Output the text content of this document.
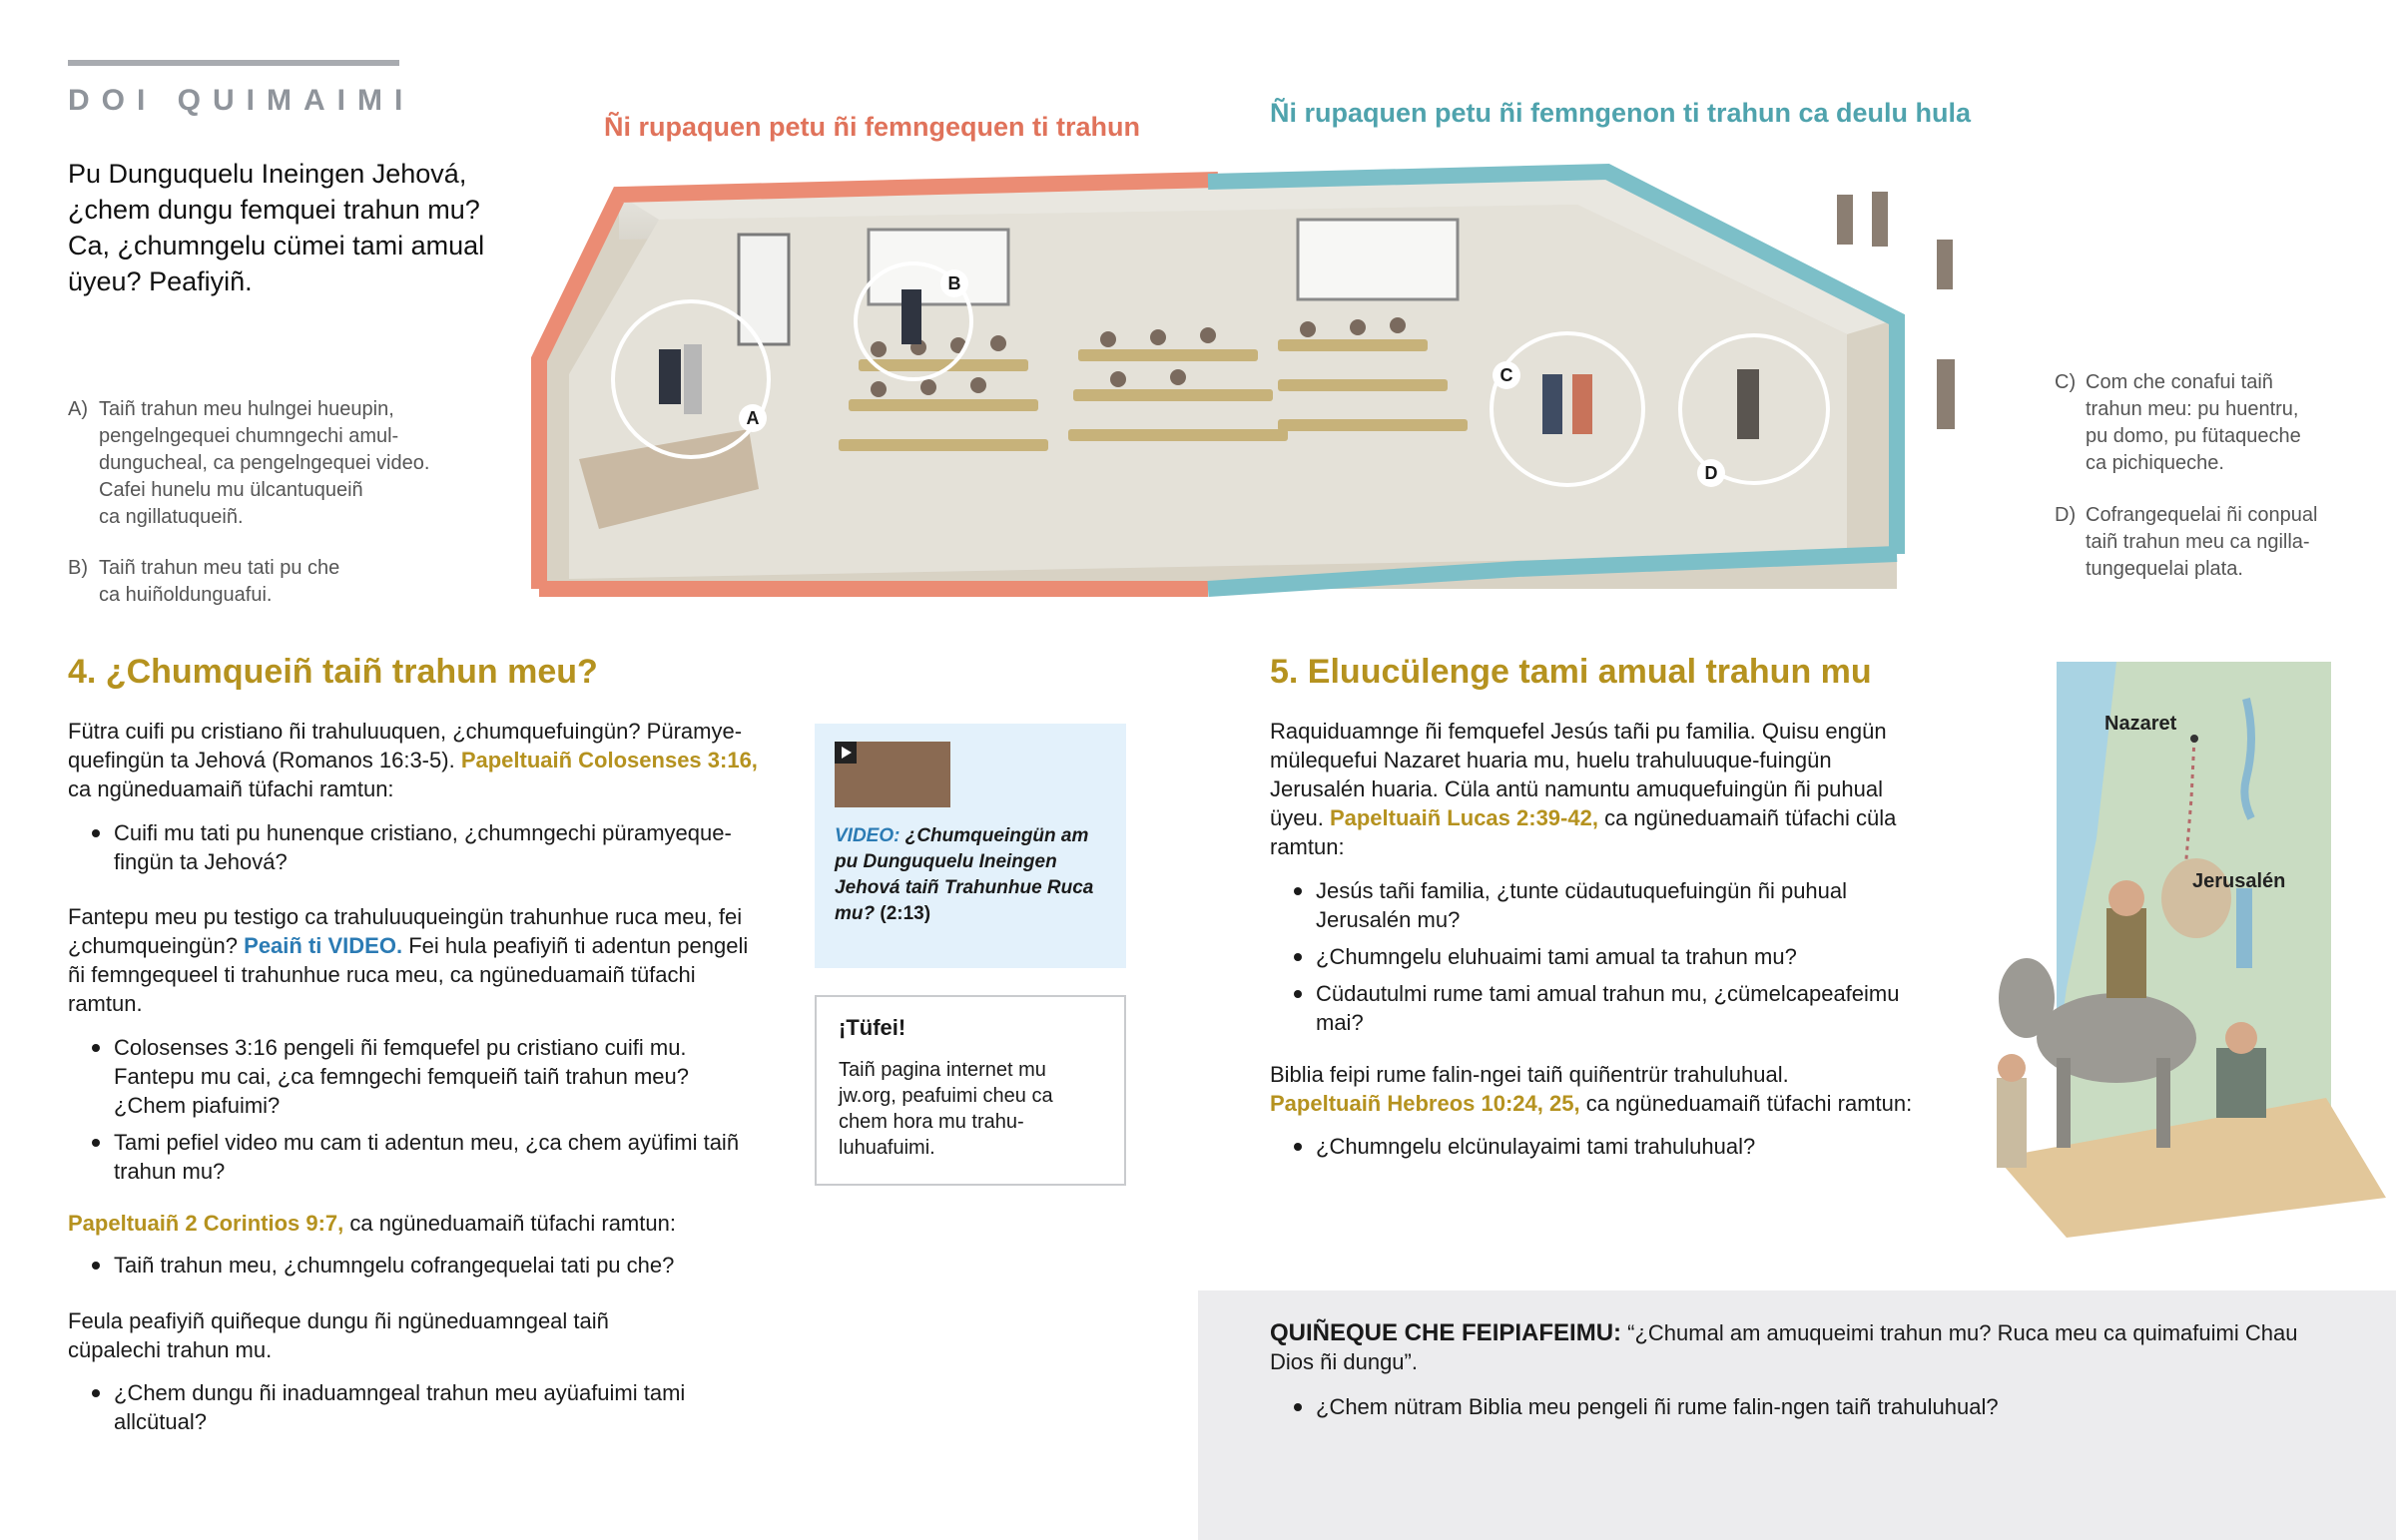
DOI QUIMAIMI
Pu Dunguquelu Ineingen Jehová, ¿chem dungu femquei trahun mu? Ca, ¿chumngelu cümei tami amual üyeu? Peafiyiñ.
A) Taiñ trahun meu hulngei hueupin,
pengelngequei chumngechi amul-
dungucheal, ca pengelngequei video.
Cafei hunelu mu ülcantuqueiñ
ca ngillatuqueiñ.
B) Taiñ trahun meu tati pu che
ca huiñoldunguafui.
Ñi rupaquen petu ñi femngequen ti trahun	Ñi rupaquen petu ñi femngenon ti trahun ca deulu hula
A
B
C
D
C) Com che conafui taiñ
trahun meu: pu huentru,
pu domo, pu fütaqueche
ca pichiqueche.
D) Cofrangequelai ñi conpual
taiñ trahun meu ca ngilla-
tungequelai plata.
4. ¿Chumqueiñ taiñ trahun meu?
Fütra cuifi pu cristiano ñi trahuluuquen, ¿chumquefuingün? Püramye-
quefingün ta Jehová (Romanos 16:3-5). Papeltuaiñ Colosenses 3:16, ca ngüneduamaiñ tüfachi ramtun:
Cuifi mu tati pu hunenque cristiano, ¿chumngechi püramyeque-fingün ta Jehová?
Fantepu meu pu testigo ca trahuluuqueingün trahunhue ruca meu, fei ¿chumqueingün? Peaiñ ti VIDEO. Fei hula peafiyiñ ti adentun pengeli ñi femngequeel ti trahunhue ruca meu, ca ngüneduamaiñ tüfachi ramtun.
Colosenses 3:16 pengeli ñi femquefel pu cristiano cuifi mu. Fantepu mu cai, ¿ca femngechi femqueiñ taiñ trahun meu? ¿Chem piafuimi?
Tami pefiel video mu cam ti adentun meu, ¿ca chem ayüfimi taiñ trahun mu?
Papeltuaiñ 2 Corintios 9:7, ca ngüneduamaiñ tüfachi ramtun:
Taiñ trahun meu, ¿chumngelu cofrangequelai tati pu che?
Feula peafiyiñ quiñeque dungu ñi ngüneduamngeal taiñ cüpalechi trahun mu.
¿Chem dungu ñi inaduamngeal trahun meu ayüafuimi tami allcütual?
VIDEO: ¿Chumqueingün am pu Dunguquelu Ineingen Jehová taiñ Trahunhue Ruca mu? (2:13)
¡Tüfei!
Taiñ pagina internet mu jw.org, peafuimi cheu ca chem hora mu trahu-luhuafuimi.
5. Eluucülenge tami amual trahun mu
Raquiduamnge ñi femquefel Jesús tañi pu familia. Quisu engün mülequefui Nazaret huaria mu, huelu trahuluuque-fuingün Jerusalén huaria. Cüla antü namuntu amuquefuingün ñi puhual üyeu. Papeltuaiñ Lucas 2:39-42, ca ngüneduamaiñ tüfachi cüla ramtun:
Jesús tañi familia, ¿tunte cüdautuquefuingün ñi puhual Jerusalén mu?
¿Chumngelu eluhuaimi tami amual ta trahun mu?
Cüdautulmi rume tami amual trahun mu, ¿cümelcapeafeimu mai?
Biblia feipi rume falin-ngei taiñ quiñentrür trahuluhual.
Papeltuaiñ Hebreos 10:24, 25, ca ngüneduamaiñ tüfachi ramtun:
¿Chumngelu elcünulayaimi tami trahuluhual?
Nazaret
Jerusalén
QUIÑEQUE CHE FEIPIAFEIMU: “¿Chumal am amuqueimi trahun mu? Ruca meu ca quimafuimi Chau Dios ñi dungu”.
¿Chem nütram Biblia meu pengeli ñi rume falin-ngen taiñ trahuluhual?
